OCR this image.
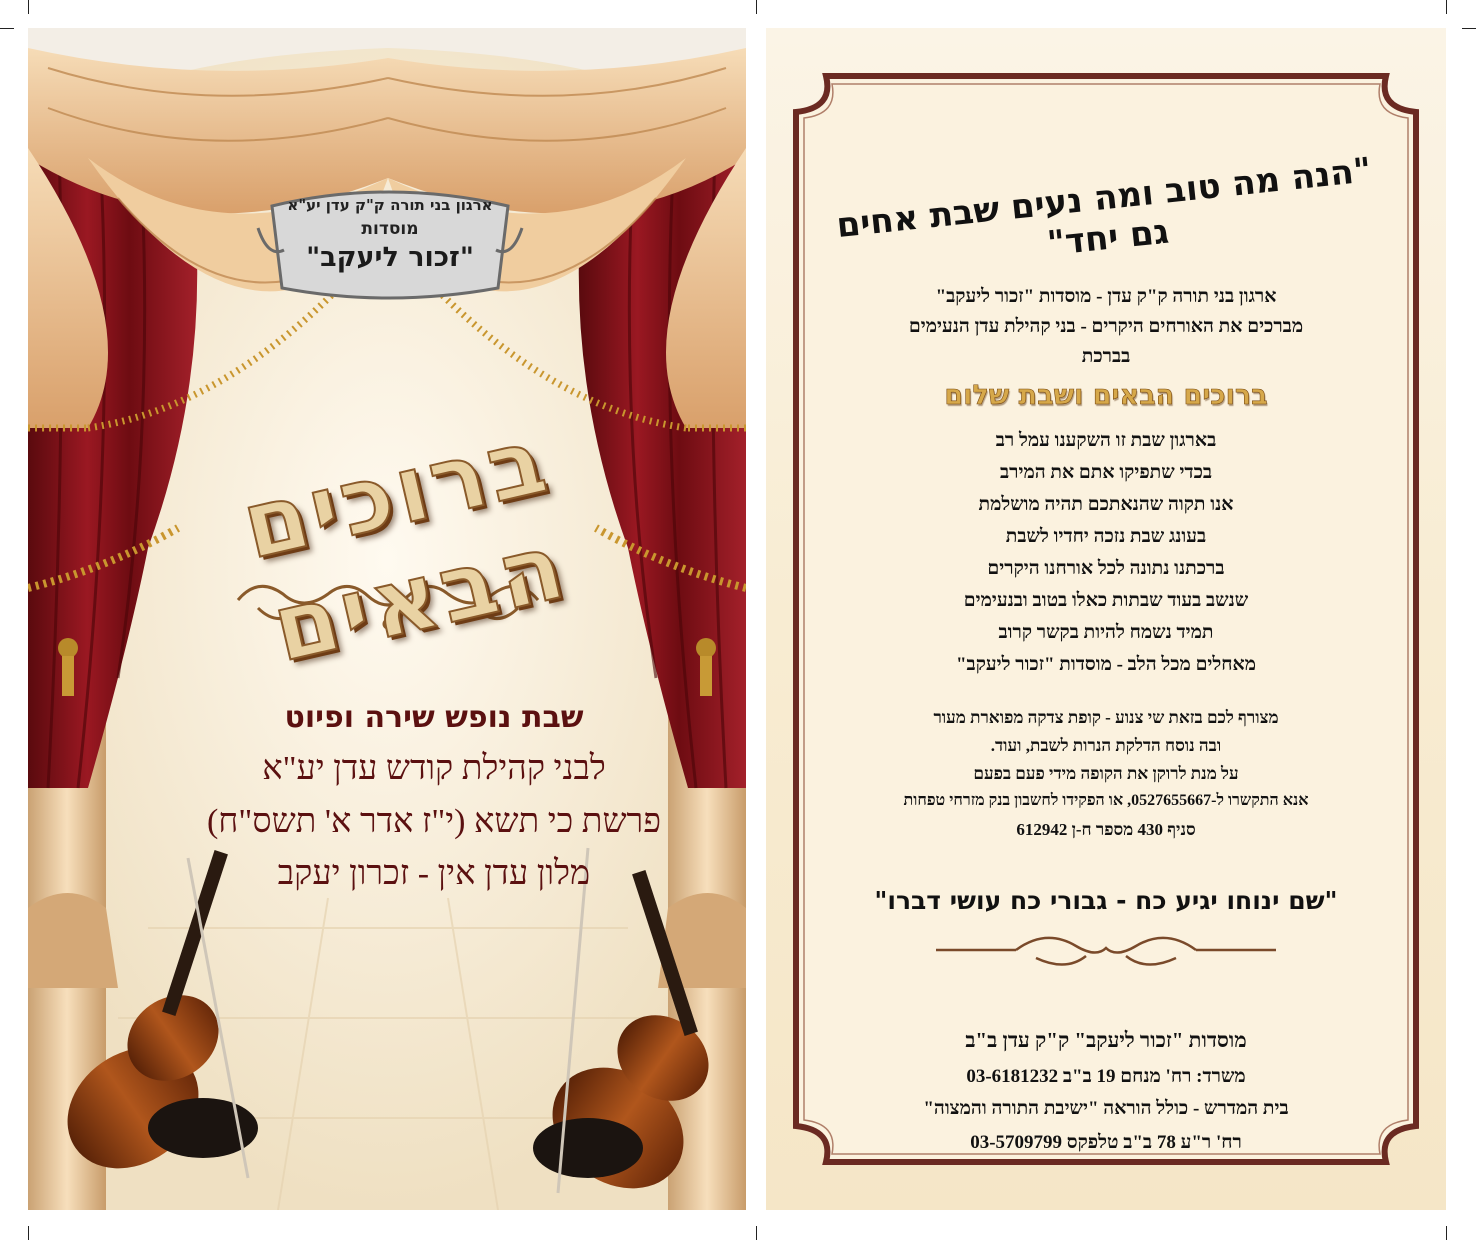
ארגון בני תורה ק"ק עדן יע"א
מוסדות
"זכור ליעקב"
ברוכים הבאים
שבת נופש שירה ופיוט
לבני קהילת קודש עדן יע"א
פרשת כי תשא (י"ז אדר א' תשס"ח)
מלון עדן אין - זכרון יעקב
"הנה מה טוב ומה נעים שבת אחים גם יחד"
ארגון בני תורה ק"ק עדן - מוסדות "זכור ליעקב"
מברכים את האורחים היקרים - בני קהילת עדן הנעימים
בברכת
ברוכים הבאים ושבת שלום
בארגון שבת זו השקענו עמל רב
בכדי שתפיקו אתם את המירב
אנו תקוה שהנאתכם תהיה מושלמת
בעונג שבת נזכה יחדיו לשבת
ברכתנו נתונה לכל אורחנו היקרים
שנשב בעוד שבתות כאלו בטוב ובנעימים
תמיד נשמח להיות בקשר קרוב
מאחלים מכל הלב - מוסדות "זכור ליעקב"
מצורף לכם בזאת שי צנוע - קופת צדקה מפוארת מעור
ובה נוסח הדלקת הנרות לשבת, ועוד.
על מנת לרוקן את הקופה מידי פעם בפעם
אנא התקשרו ל-0527655667, או הפקידו לחשבון בנק מזרחי טפחות
סניף 430 מספר ח-ן 612942
"שם ינוחו יגיע כח - גבורי כח עושי דברו"
מוסדות "זכור ליעקב" ק"ק עדן ב"ב
משרד: רח' מנחם 19 ב"ב 03-6181232
בית המדרש - כולל הוראה "ישיבת התורה והמצוה"
רח' ר"ע 78 ב"ב טלפקס 03-5709799
